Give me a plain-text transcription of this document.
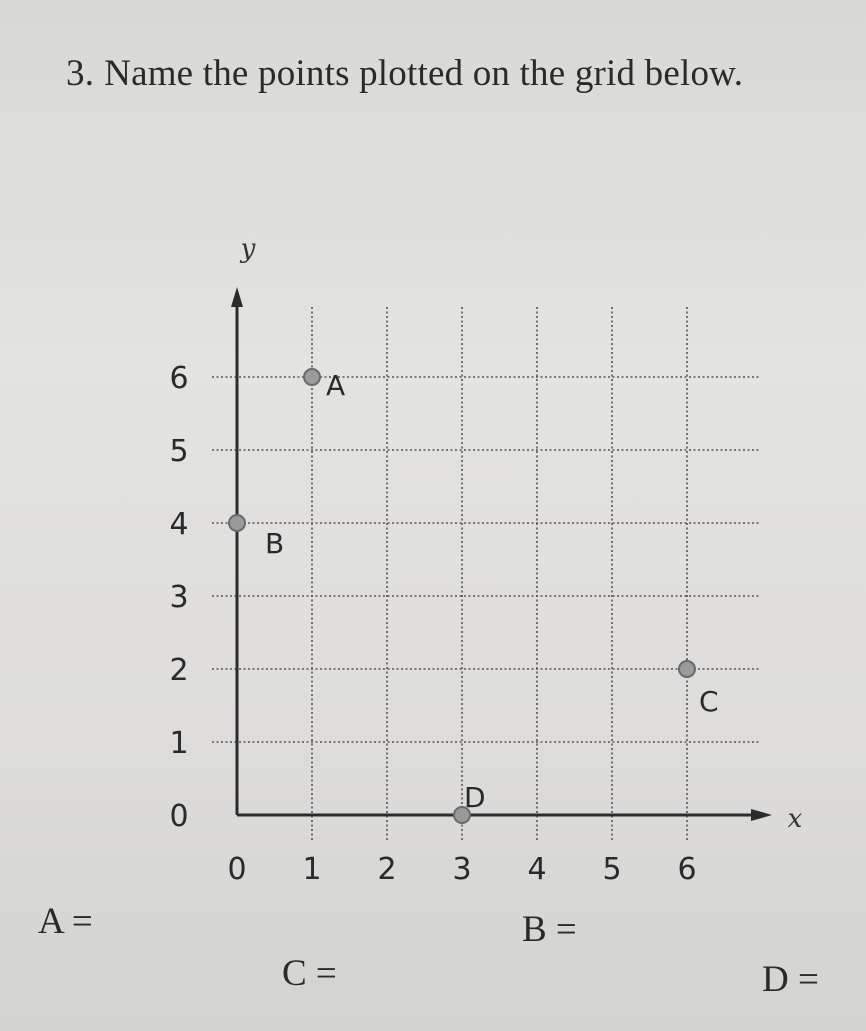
3. Name the points plotted on the grid below.
x
y
0 1 2 3 4 5 6
0
1
2
3
4
5
6	A
B
C
D
A =	B =
C =	D =
